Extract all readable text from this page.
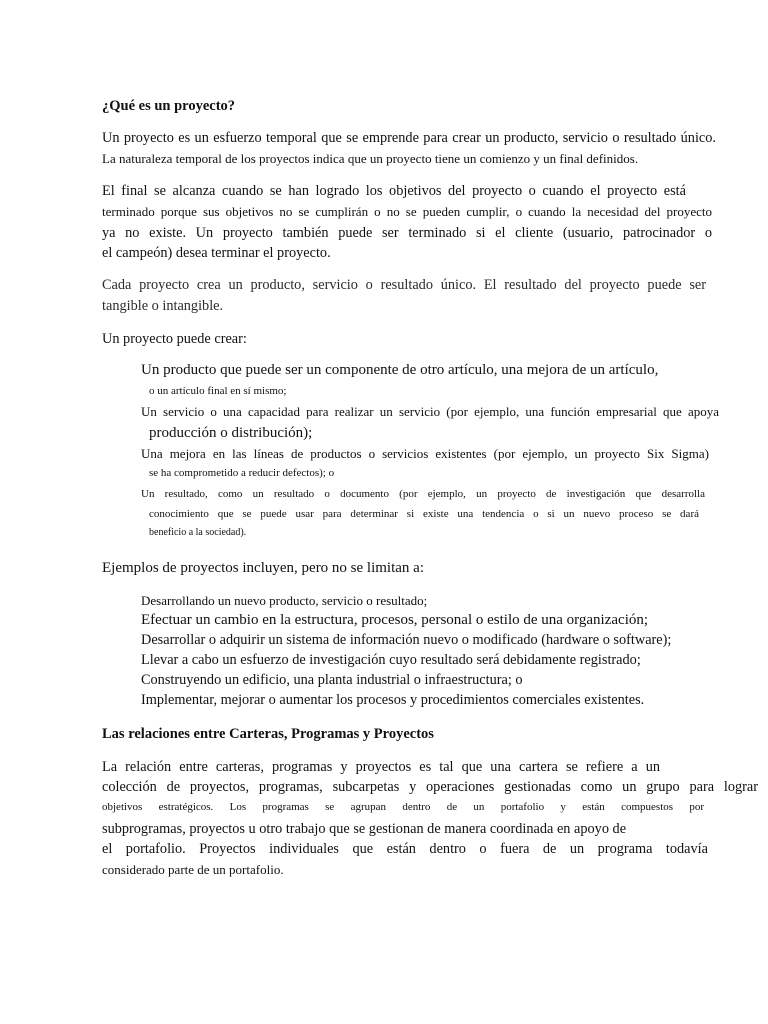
¿Qué es un proyecto?
Un proyecto es un esfuerzo temporal que se emprende para crear un producto, servicio o resultado único.
La naturaleza temporal de los proyectos indica que un proyecto tiene un comienzo y un final definidos.
El final se alcanza cuando se han logrado los objetivos del proyecto o cuando el proyecto está
terminado porque sus objetivos no se cumplirán o no se pueden cumplir, o cuando la necesidad del proyecto
ya no existe. Un proyecto también puede ser terminado si el cliente (usuario, patrocinador o
el campeón) desea terminar el proyecto.
Cada proyecto crea un producto, servicio o resultado único. El resultado del proyecto puede ser
tangible o intangible.
Un proyecto puede crear:
Un producto que puede ser un componente de otro artículo, una mejora de un artículo,
o un artículo final en sí mismo;
Un servicio o una capacidad para realizar un servicio (por ejemplo, una función empresarial que apoya
producción o distribución);
Una mejora en las líneas de productos o servicios existentes (por ejemplo, un proyecto Six Sigma)
se ha comprometido a reducir defectos); o
Un resultado, como un resultado o documento (por ejemplo, un proyecto de investigación que desarrolla
conocimiento que se puede usar para determinar si existe una tendencia o si un nuevo proceso se dará
beneficio a la sociedad).
Ejemplos de proyectos incluyen, pero no se limitan a:
Desarrollando un nuevo producto, servicio o resultado;
Efectuar un cambio en la estructura, procesos, personal o estilo de una organización;
Desarrollar o adquirir un sistema de información nuevo o modificado (hardware o software);
Llevar a cabo un esfuerzo de investigación cuyo resultado será debidamente registrado;
Construyendo un edificio, una planta industrial o infraestructura; o
Implementar, mejorar o aumentar los procesos y procedimientos comerciales existentes.
Las relaciones entre Carteras, Programas y Proyectos
La relación entre carteras, programas y proyectos es tal que una cartera se refiere a un
colección de proyectos, programas, subcarpetas y operaciones gestionadas como un grupo para lograr
objetivos estratégicos. Los programas se agrupan dentro de un portafolio y están compuestos por
subprogramas, proyectos u otro trabajo que se gestionan de manera coordinada en apoyo de
el portafolio. Proyectos individuales que están dentro o fuera de un programa todavía
considerado parte de un portafolio.
